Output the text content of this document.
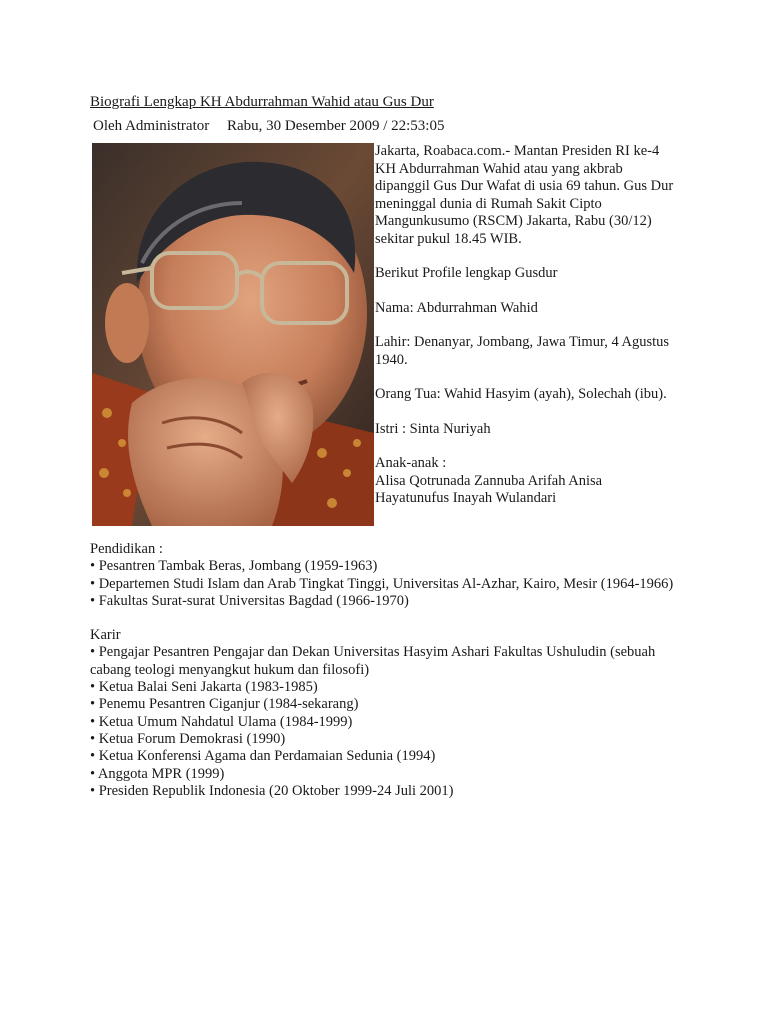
Biografi Lengkap KH Abdurrahman Wahid atau Gus Dur
Oleh Administrator Rabu, 30 Desember 2009 / 22:53:05

Jakarta, Roabaca.com.- Mantan Presiden RI ke-4 KH Abdurrahman Wahid atau yang akbrab dipanggil Gus Dur Wafat di usia 69 tahun. Gus Dur meninggal dunia di Rumah Sakit Cipto Mangunkusumo (RSCM) Jakarta, Rabu (30/12) sekitar pukul 18.45 WIB.

Berikut Profile lengkap Gusdur

Nama: Abdurrahman Wahid

Lahir: Denanyar, Jombang, Jawa Timur, 4 Agustus 1940.

Orang Tua: Wahid Hasyim (ayah), Solechah (ibu).

Istri : Sinta Nuriyah

Anak-anak :

Alisa Qotrunada Zannuba Arifah Anisa Hayatunufus Inayah Wulandari

Pendidikan :

• Pesantren Tambak Beras, Jombang (1959-1963)
• Departemen Studi Islam dan Arab Tingkat Tinggi, Universitas Al-Azhar, Kairo, Mesir (1964-1966)
• Fakultas Surat-surat Universitas Bagdad (1966-1970)

Karir

• Pengajar Pesantren Pengajar dan Dekan Universitas Hasyim Ashari Fakultas Ushuludin (sebuah cabang teologi menyangkut hukum dan filosofi)
• Ketua Balai Seni Jakarta (1983-1985)
• Penemu Pesantren Ciganjur (1984-sekarang)
• Ketua Umum Nahdatul Ulama (1984-1999)
• Ketua Forum Demokrasi (1990)
• Ketua Konferensi Agama dan Perdamaian Sedunia (1994)
• Anggota MPR (1999)
• Presiden Republik Indonesia (20 Oktober 1999-24 Juli 2001)
